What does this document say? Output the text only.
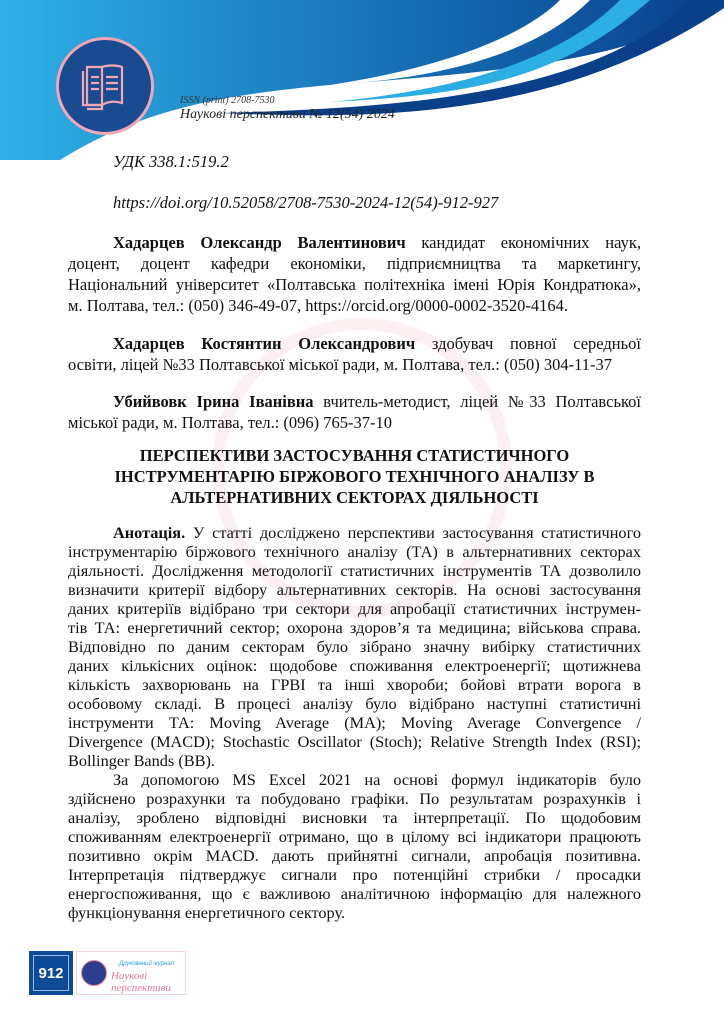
ISSN (print) 2708-7530
Наукові перспективи № 12(54) 2024
УДК 338.1:519.2
https://doi.org/10.52058/2708-7530-2024-12(54)-912-927
Хадарцев Олександр Валентинович кандидат економічних наук,
доцент, доцент кафедри економіки, підприємництва та маркетингу,
Національний університет «Полтавська політехніка імені Юрія Кондратюка»,
м. Полтава, тел.: (050) 346-49-07, https://orcid.org/0000-0002-3520-4164.
Хадарцев Костянтин Олександрович здобувач повної середньої
освіти, ліцей №33 Полтавської міської ради, м. Полтава, тел.: (050) 304-11-37
Убийвовк Ірина Іванівна вчитель-методист, ліцей №33 Полтавської
міської ради, м. Полтава, тел.: (096) 765-37-10
ПЕРСПЕКТИВИ ЗАСТОСУВАННЯ СТАТИСТИЧНОГО
ІНСТРУМЕНТАРІЮ БІРЖОВОГО ТЕХНІЧНОГО АНАЛІЗУ В
АЛЬТЕРНАТИВНИХ СЕКТОРАХ ДІЯЛЬНОСТІ
Анотація. У статті досліджено перспективи застосування статистичного
інструментарію біржового технічного аналізу (ТА) в альтернативних секторах
діяльності. Дослідження методології статистичних інструментів ТА дозволило
визначити критерії відбору альтернативних секторів. На основі застосування
даних критеріїв відібрано три сектори для апробації статистичних інструмен-
тів ТА: енергетичний сектор; охорона здоров’я та медицина; військова справа.
Відповідно по даним секторам було зібрано значну вибірку статистичних
даних кількісних оцінок: щодобове споживання електроенергії; щотижнева
кількість захворювань на ГРВІ та інші хвороби; бойові втрати ворога в
особовому складі. В процесі аналізу було відібрано наступні статистичні
інструменти ТА: Moving Average (MA); Moving Average Convergence /
Divergence (MACD); Stochastic Oscillator (Stoch); Relative Strength Index (RSI);
Bollinger Bands (BB).
За допомогою MS Excel 2021 на основі формул індикаторів було
здійснено розрахунки та побудовано графіки. По результатам розрахунків і
аналізу, зроблено відповідні висновки та інтерпретації. По щодобовим
споживанням електроенергії отримано, що в цілому всі індикатори працюють
позитивно окрім MACD. дають прийнятні сигнали, апробація позитивна.
Інтерпретація підтверджує сигнали про потенційні стрибки / просадки
енергоспоживання, що є важливою аналітичною інформацію для належного
функціонування енергетичного сектору.
912
Друкований журнал
Наукові перспективи
